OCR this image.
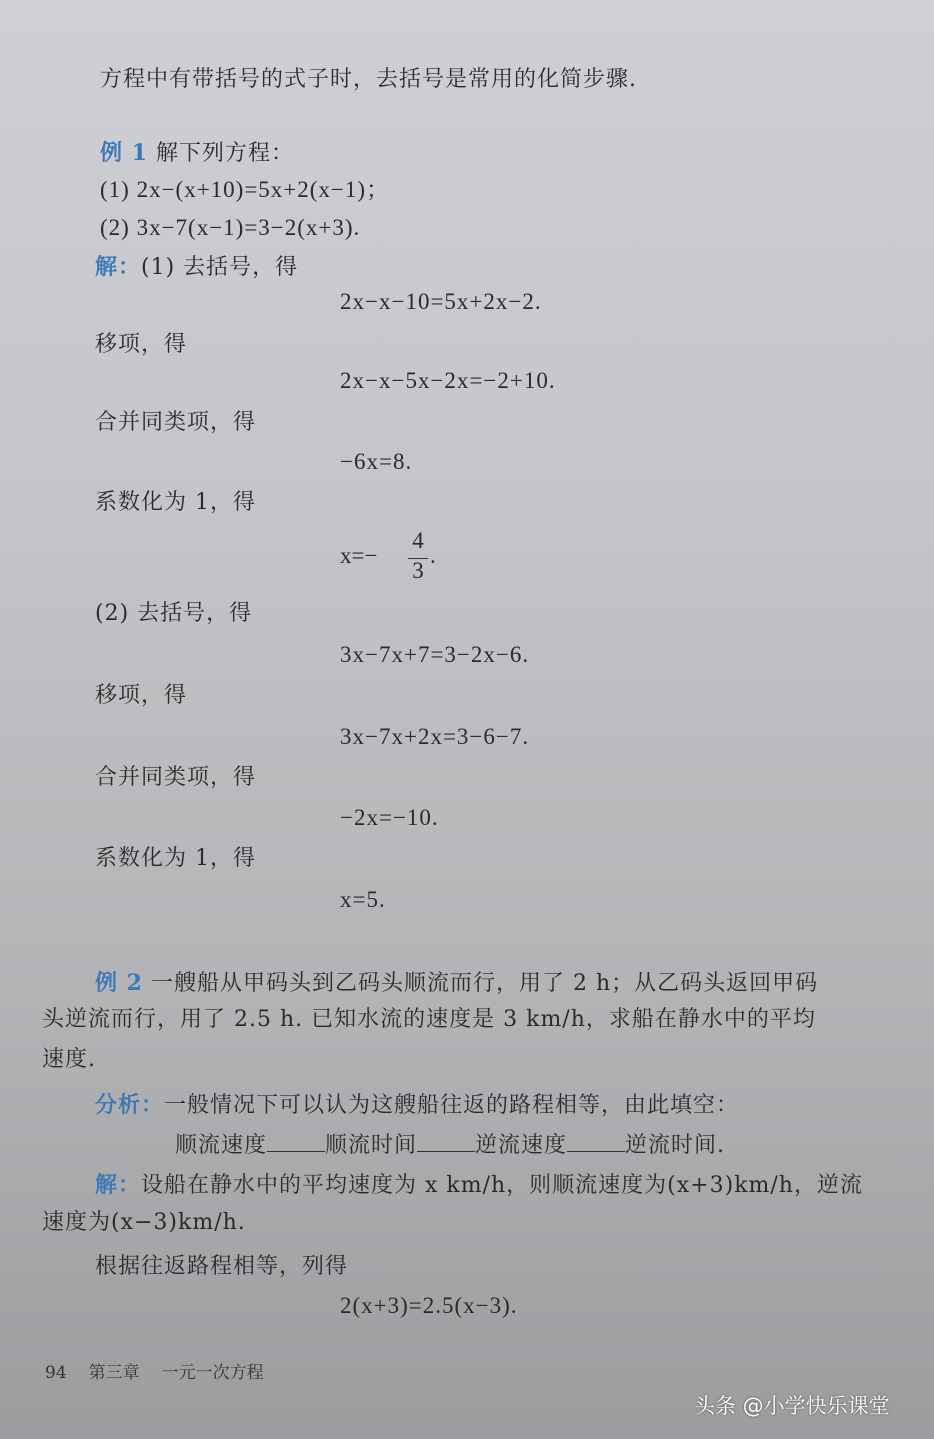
方程中有带括号的式子时，去括号是常用的化简步骤.
例 1 解下列方程：
(1) 2x−(x+10)=5x+2(x−1)；
(2) 3x−7(x−1)=3−2(x+3).
解：(1) 去括号，得
2x−x−10=5x+2x−2.
移项，得
2x−x−5x−2x=−2+10.
合并同类项，得
−6x=8.
系数化为 1，得
x=−
4
3
.
(2) 去括号，得
3x−7x+7=3−2x−6.
移项，得
3x−7x+2x=3−6−7.
合并同类项，得
−2x=−10.
系数化为 1，得
x=5.
例 2 一艘船从甲码头到乙码头顺流而行，用了 2 h；从乙码头返回甲码
头逆流而行，用了 2.5 h. 已知水流的速度是 3 km/h，求船在静水中的平均
速度.
分析：一般情况下可以认为这艘船往返的路程相等，由此填空：
顺流速度	顺流时间	逆流速度	逆流时间.
解：设船在静水中的平均速度为 x km/h，则顺流速度为(x+3)km/h，逆流
速度为(x−3)km/h.
根据往返路程相等，列得
2(x+3)=2.5(x−3).
94 第三章 一元一次方程
头条 @小学快乐课堂
